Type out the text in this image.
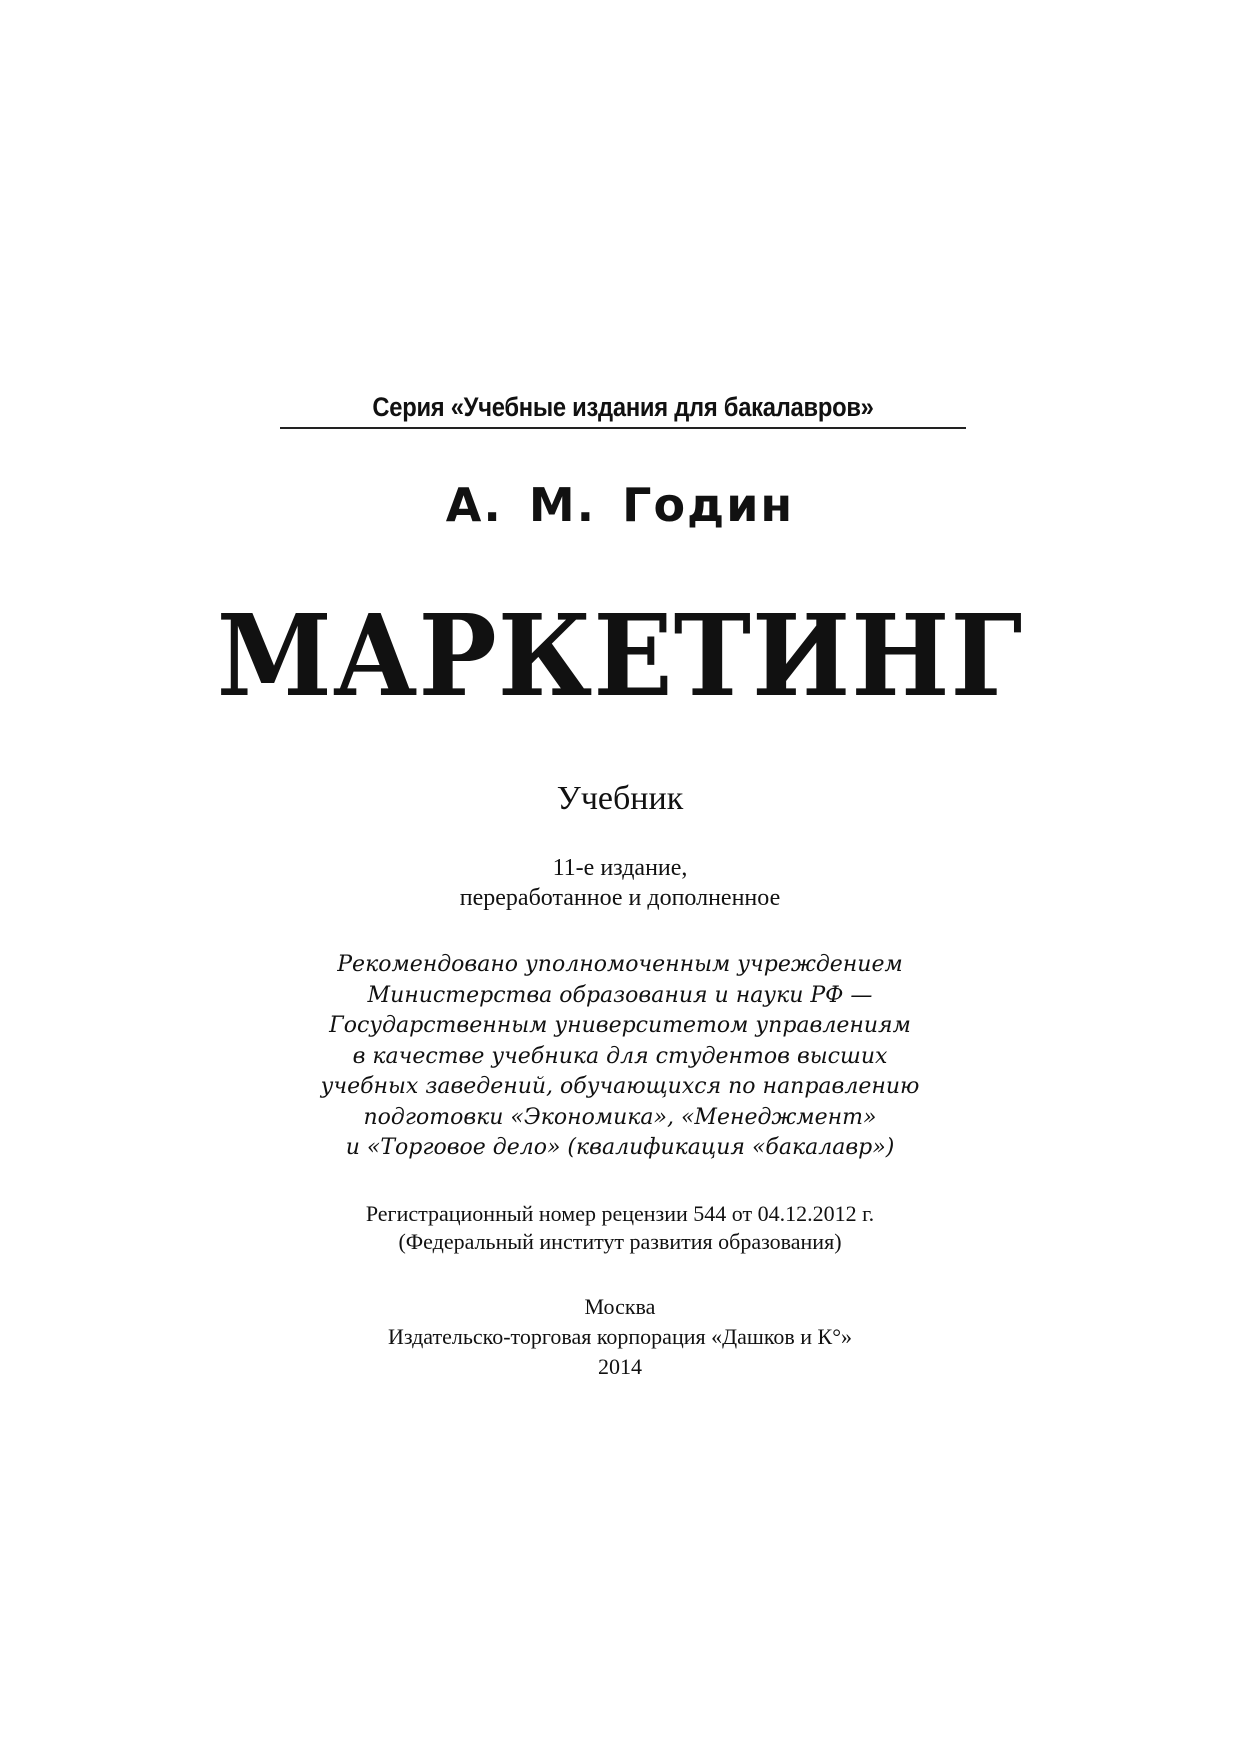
Серия «Учебные издания для бакалавров»
А. М. Годин
МАРКЕТИНГ
Учебник
11-е издание,
переработанное и дополненное
Рекомендовано уполномоченным учреждением
Министерства образования и науки РФ —
Государственным университетом управлениям
в качестве учебника для студентов высших
учебных заведений, обучающихся по направлению
подготовки «Экономика», «Менеджмент»
и «Торговое дело» (квалификация «бакалавр»)
Регистрационный номер рецензии 544 от 04.12.2012 г.
(Федеральный институт развития образования)
Москва
Издательско-торговая корпорация «Дашков и К°»
2014
